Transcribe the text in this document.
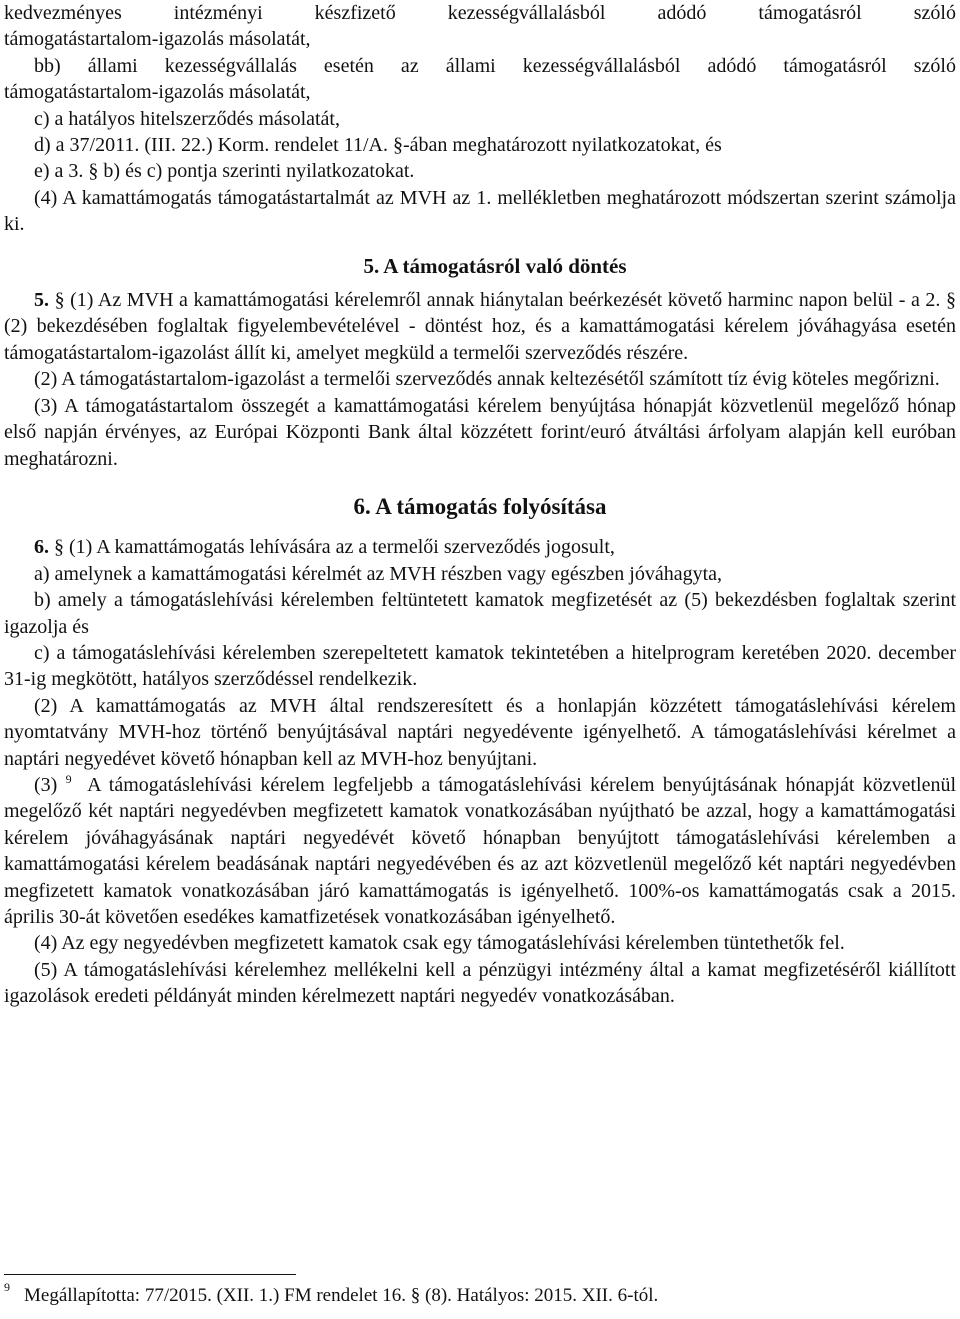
kedvezményes intézményi készfizető kezességvállalásból adódó támogatásról szóló

támogatástartalom-igazolás másolatát,

bb) állami kezességvállalás esetén az állami kezességvállalásból adódó támogatásról szóló

támogatástartalom-igazolás másolatát,

c) a hatályos hitelszerződés másolatát,

d) a 37/2011. (III. 22.) Korm. rendelet 11/A. §-ában meghatározott nyilatkozatokat, és

e) a 3. § b) és c) pontja szerinti nyilatkozatokat.

(4) A kamattámogatás támogatástartalmát az MVH az 1. mellékletben meghatározott módszertan szerint számolja ki.

5. A támogatásról való döntés

5. § (1) Az MVH a kamattámogatási kérelemről annak hiánytalan beérkezését követő harminc napon belül - a 2. § (2) bekezdésében foglaltak figyelembevételével - döntést hoz, és a kamattámogatási kérelem jóváhagyása esetén támogatástartalom-igazolást állít ki, amelyet megküld a termelői szerveződés részére.

(2) A támogatástartalom-igazolást a termelői szerveződés annak keltezésétől számított tíz évig köteles megőrizni.

(3) A támogatástartalom összegét a kamattámogatási kérelem benyújtása hónapját közvetlenül megelőző hónap első napján érvényes, az Európai Központi Bank által közzétett forint/euró átváltási árfolyam alapján kell euróban meghatározni.

6. A támogatás folyósítása

6. § (1) A kamattámogatás lehívására az a termelői szerveződés jogosult,

a) amelynek a kamattámogatási kérelmét az MVH részben vagy egészben jóváhagyta,

b) amely a támogatáslehívási kérelemben feltüntetett kamatok megfizetését az (5) bekezdésben foglaltak szerint igazolja és

c) a támogatáslehívási kérelemben szerepeltetett kamatok tekintetében a hitelprogram keretében 2020. december 31-ig megkötött, hatályos szerződéssel rendelkezik.

(2) A kamattámogatás az MVH által rendszeresített és a honlapján közzétett támogatáslehívási kérelem nyomtatvány MVH-hoz történő benyújtásával naptári negyedévente igényelhető. A támogatáslehívási kérelmet a naptári negyedévet követő hónapban kell az MVH-hoz benyújtani.

(3) $^9$ A támogatáslehívási kérelem legfeljebb a támogatáslehívási kérelem benyújtásának hónapját közvetlenül megelőző két naptári negyedévben megfizetett kamatok vonatkozásában nyújtható be azzal, hogy a kamattámogatási kérelem jóváhagyásának naptári negyedévét követő hónapban benyújtott támogatáslehívási kérelemben a kamattámogatási kérelem beadásának naptári negyedévében és az azt közvetlenül megelőző két naptári negyedévben megfizetett kamatok vonatkozásában járó kamattámogatás is igényelhető. 100%-os kamattámogatás csak a 2015. április 30-át követően esedékes kamatfizetések vonatkozásában igényelhető.

(4) Az egy negyedévben megfizetett kamatok csak egy támogatáslehívási kérelemben tüntethetők fel.

(5) A támogatáslehívási kérelemhez mellékelni kell a pénzügyi intézmény által a kamat megfizetéséről kiállított igazolások eredeti példányát minden kérelmezett naptári negyedév vonatkozásában.

$^9$ Megállapította: 77/2015. (XII. 1.) FM rendelet 16. § (8). Hatályos: 2015. XII. 6-tól.
